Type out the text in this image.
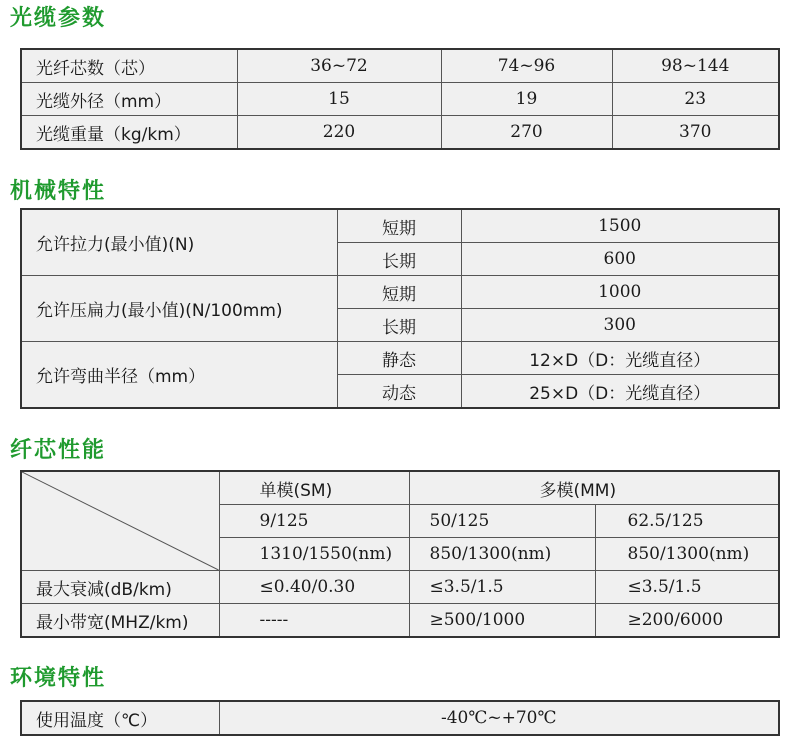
光缆参数
光纤芯数（芯）	36~72	74~96	98~144
光缆外径（mm）	15	19	23
光缆重量（kg/km）	220	270	370
机械特性
允许拉力(最小值)(N)	短期	1500
	长期	600
允许压扁力(最小值)(N/100mm)	短期	1000
	长期	300
允许弯曲半径（mm）	静态	12×D（D：光缆直径）
	动态	25×D（D：光缆直径）
纤芯性能
	单模(SM)	多模(MM)	
	9/125	50/125	62.5/125
	1310/1550(nm)	850/1300(nm)	850/1300(nm)
最大衰减(dB/km)	≤0.40/0.30	≤3.5/1.5	≤3.5/1.5
最小带宽(MHZ/km)	-----	≥500/1000	≥200/6000
环境特性
使用温度（℃）	-40℃~+70℃
